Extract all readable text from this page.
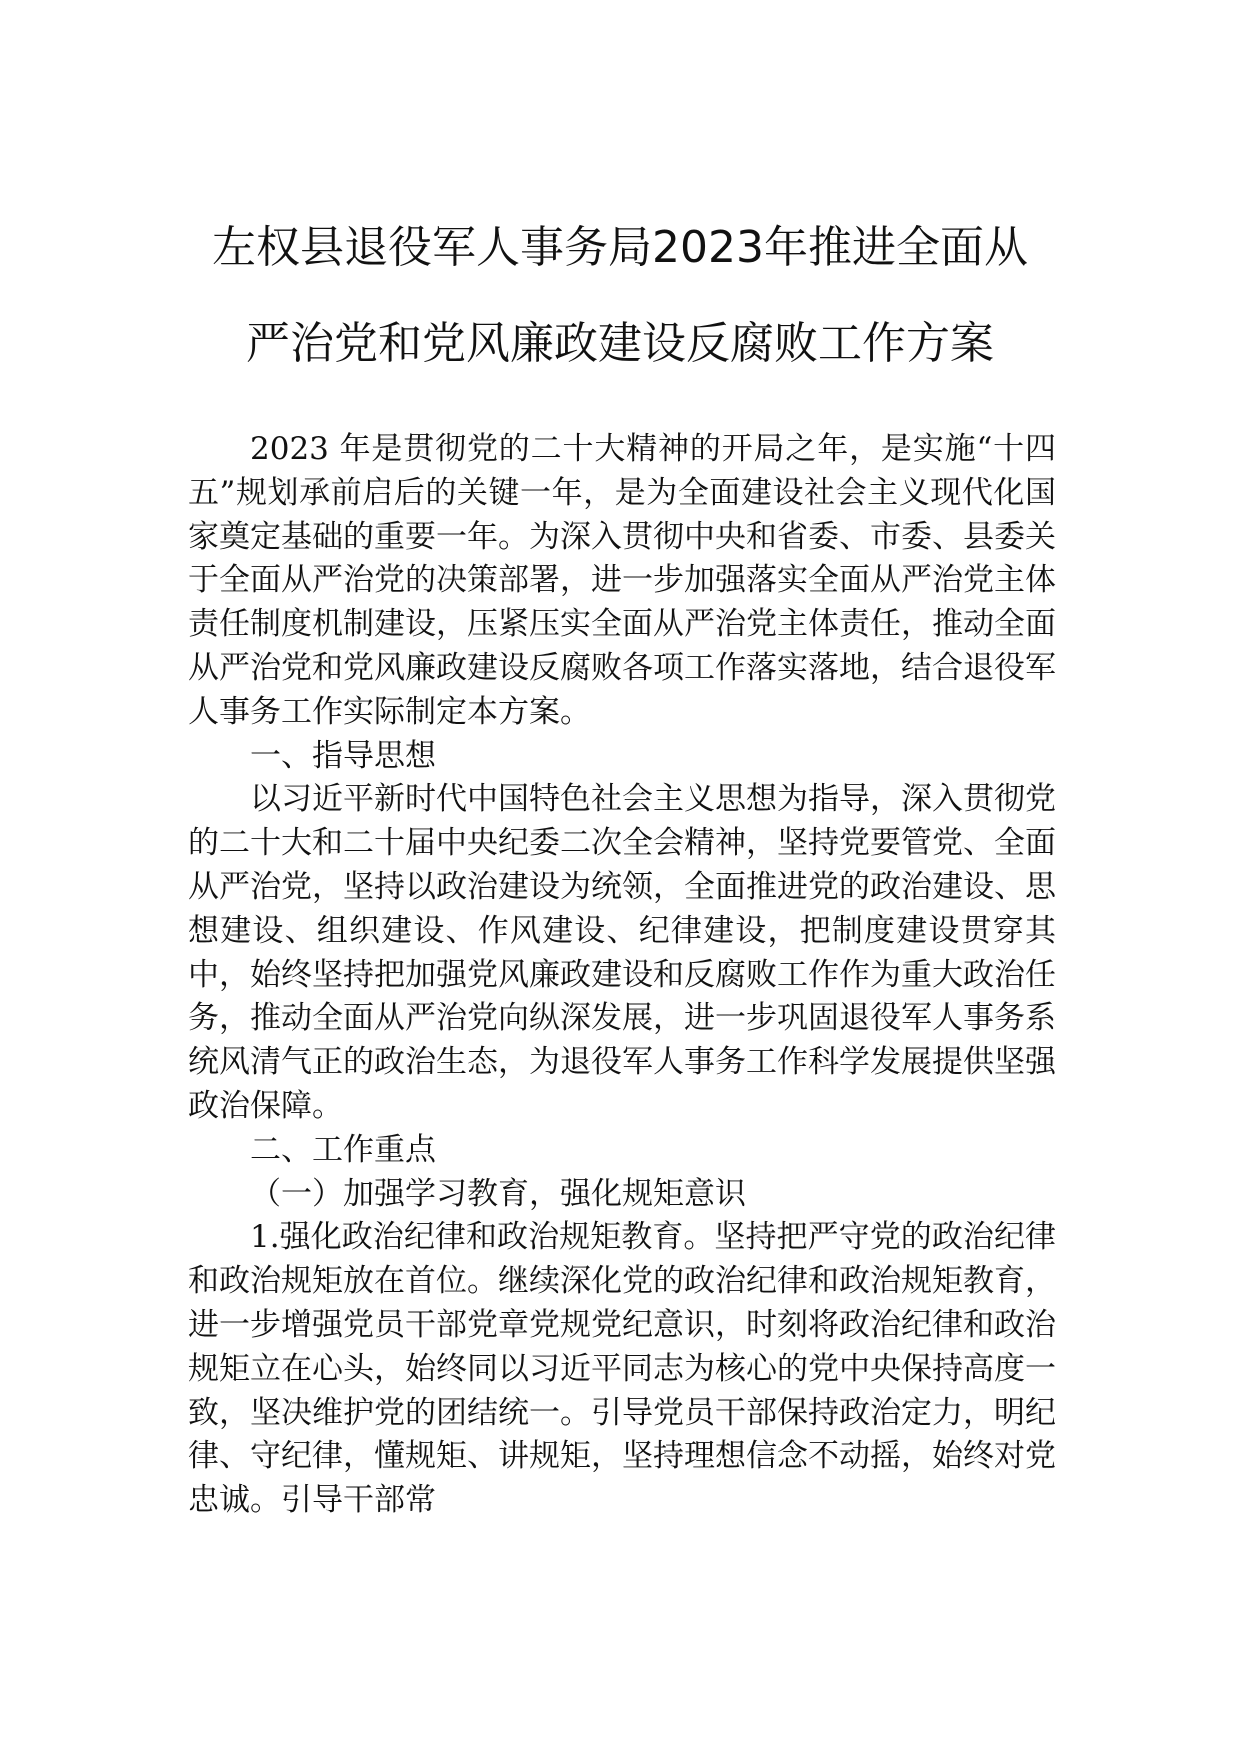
左权县退役军人事务局2023年推进全面从
严治党和党风廉政建设反腐败工作方案

2023 年是贯彻党的二十大精神的开局之年，是实施“十四五”规划承前启后的关键一年，是为全面建设社会主义现代化国家奠定基础的重要一年。为深入贯彻中央和省委、市委、县委关于全面从严治党的决策部署，进一步加强落实全面从严治党主体责任制度机制建设，压紧压实全面从严治党主体责任，推动全面从严治党和党风廉政建设反腐败各项工作落实落地，结合退役军人事务工作实际制定本方案。

一、指导思想

以习近平新时代中国特色社会主义思想为指导，深入贯彻党的二十大和二十届中央纪委二次全会精神，坚持党要管党、全面从严治党，坚持以政治建设为统领，全面推进党的政治建设、思想建设、组织建设、作风建设、纪律建设，把制度建设贯穿其中，始终坚持把加强党风廉政建设和反腐败工作作为重大政治任务，推动全面从严治党向纵深发展，进一步巩固退役军人事务系统风清气正的政治生态，为退役军人事务工作科学发展提供坚强政治保障。

二、工作重点

（一）加强学习教育，强化规矩意识

1.强化政治纪律和政治规矩教育。坚持把严守党的政治纪律和政治规矩放在首位。继续深化党的政治纪律和政治规矩教育，进一步增强党员干部党章党规党纪意识，时刻将政治纪律和政治规矩立在心头，始终同以习近平同志为核心的党中央保持高度一致，坚决维护党的团结统一。引导党员干部保持政治定力，明纪律、守纪律，懂规矩、讲规矩，坚持理想信念不动摇，始终对党忠诚。引导干部常
